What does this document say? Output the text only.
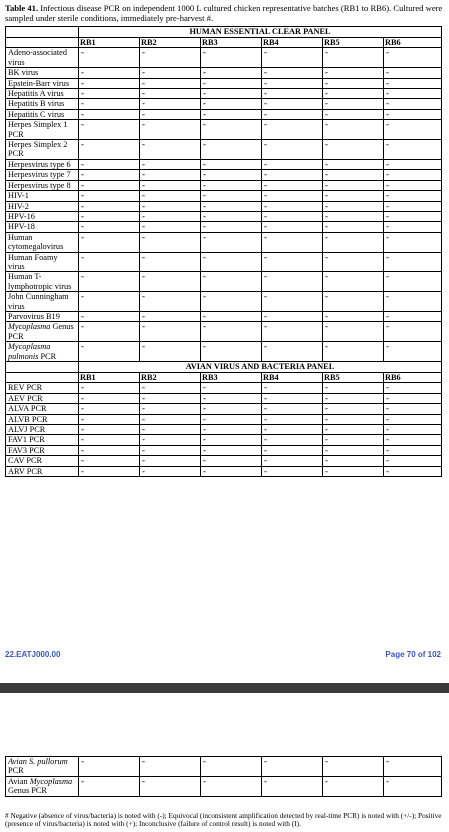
Table 41. Infectious disease PCR on independent 1000 L cultured chicken representative batches (RB1 to RB6). Cultured were sampled under sterile conditions, immediately pre-harvest #.
	HUMAN ESSENTIAL CLEAR PANEL					
	RB1	RB2	RB3	RB4	RB5	RB6
Adeno-associated virus	-	-	-	-	-	-
BK virus	-	-	-	-	-	-
Epstein-Barr virus	-	-	-	-	-	-
Hepatitis A virus	-	-	-	-	-	-
Hepatitis B virus	-	-	-	-	-	-
Hepatitis C virus	-	-	-	-	-	-
Herpes Simplex 1 PCR	-	-	-	-	-	-
Herpes Simplex 2 PCR	-	-	-	-	-	-
Herpesvirus type 6	-	-	-	-	-	-
Herpesvirus type 7	-	-	-	-	-	-
Herpesvirus type 8	-	-	-	-	-	-
HIV-1	-	-	-	-	-	-
HIV-2	-	-	-	-	-	-
HPV-16	-	-	-	-	-	-
HPV-18	-	-	-	-	-	-
Human cytomegalovirus	-	-	-	-	-	-
Human Foamy virus	-	-	-	-	-	-
Human T-lymphotropic virus	-	-	-	-	-	-
John Cunningham virus	-	-	-	-	-	-
Parvovirus B19	-	-	-	-	-	-
Mycoplasma Genus PCR	-	-	-	-	-	-
Mycoplasma pulmonis PCR	-	-	-	-	-	-
	AVIAN VIRUS AND BACTERIA PANEL					
	RB1	RB2	RB3	RB4	RB5	RB6
REV PCR	-	-	-	-	-	-
AEV PCR	-	-	-	-	-	-
ALVA PCR	-	-	-	-	-	-
ALVB PCR	-	-	-	-	-	-
ALVJ PCR	-	-	-	-	-	-
FAV1 PCR	-	-	-	-	-	-
FAV3 PCR	-	-	-	-	-	-
CAV PCR	-	-	-	-	-	-
ARV PCR	-	-	-	-	-	-
22.EATJ000.00	Page 70 of 102
Avian S. pullorum PCR	-	-	-	-	-	-
Avian Mycoplasma Genus PCR	-	-	-	-	-	-
# Negative (absence of virus/bacteria) is noted with (-); Equivocal (inconsistent amplification detected by real-time PCR) is noted with (+/-); Positive (presence of virus/bacteria) is noted with (+); Inconclusive (failure of control result) is noted with (I).
